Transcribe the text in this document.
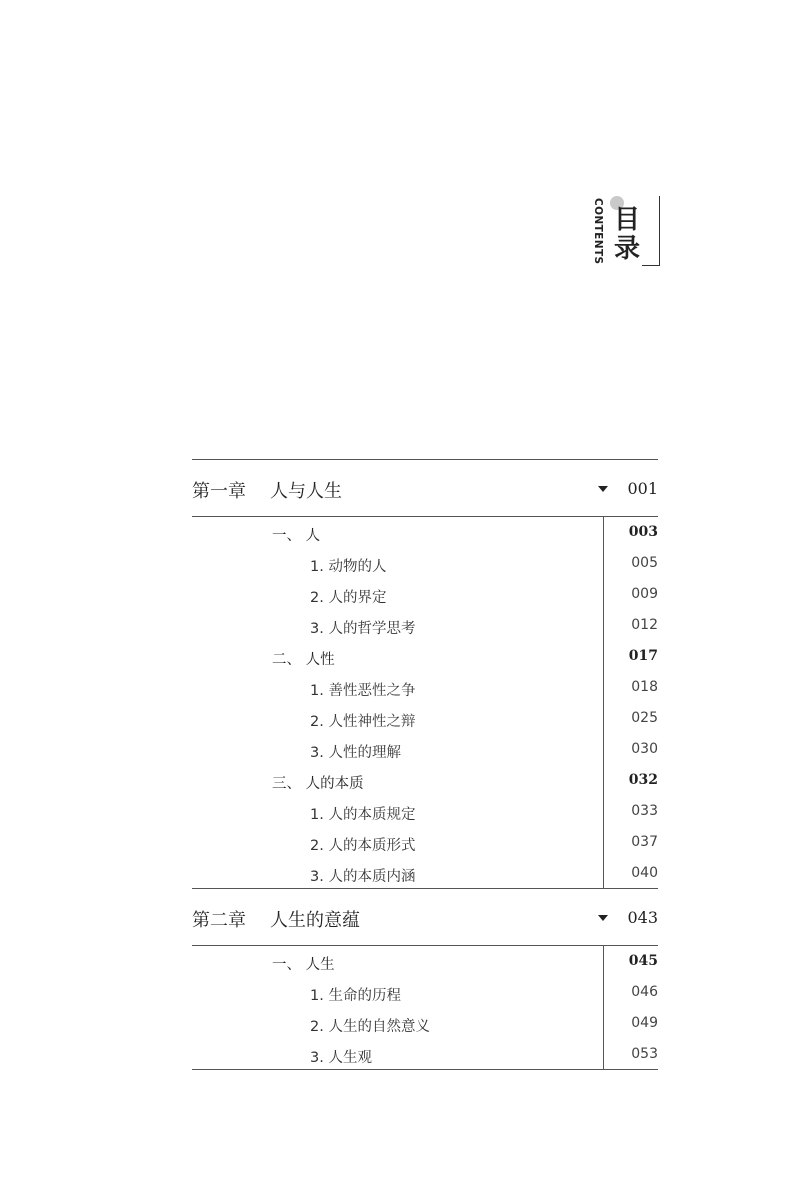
CONTENTS 目录
第一章 人与人生	001
一、 人	003
1. 动物的人	005
2. 人的界定	009
3. 人的哲学思考	012
二、 人性	017
1. 善性恶性之争	018
2. 人性神性之辩	025
3. 人性的理解	030
三、 人的本质	032
1. 人的本质规定	033
2. 人的本质形式	037
3. 人的本质内涵	040
第二章 人生的意蕴	043
一、 人生	045
1. 生命的历程	046
2. 人生的自然意义	049
3. 人生观	053
